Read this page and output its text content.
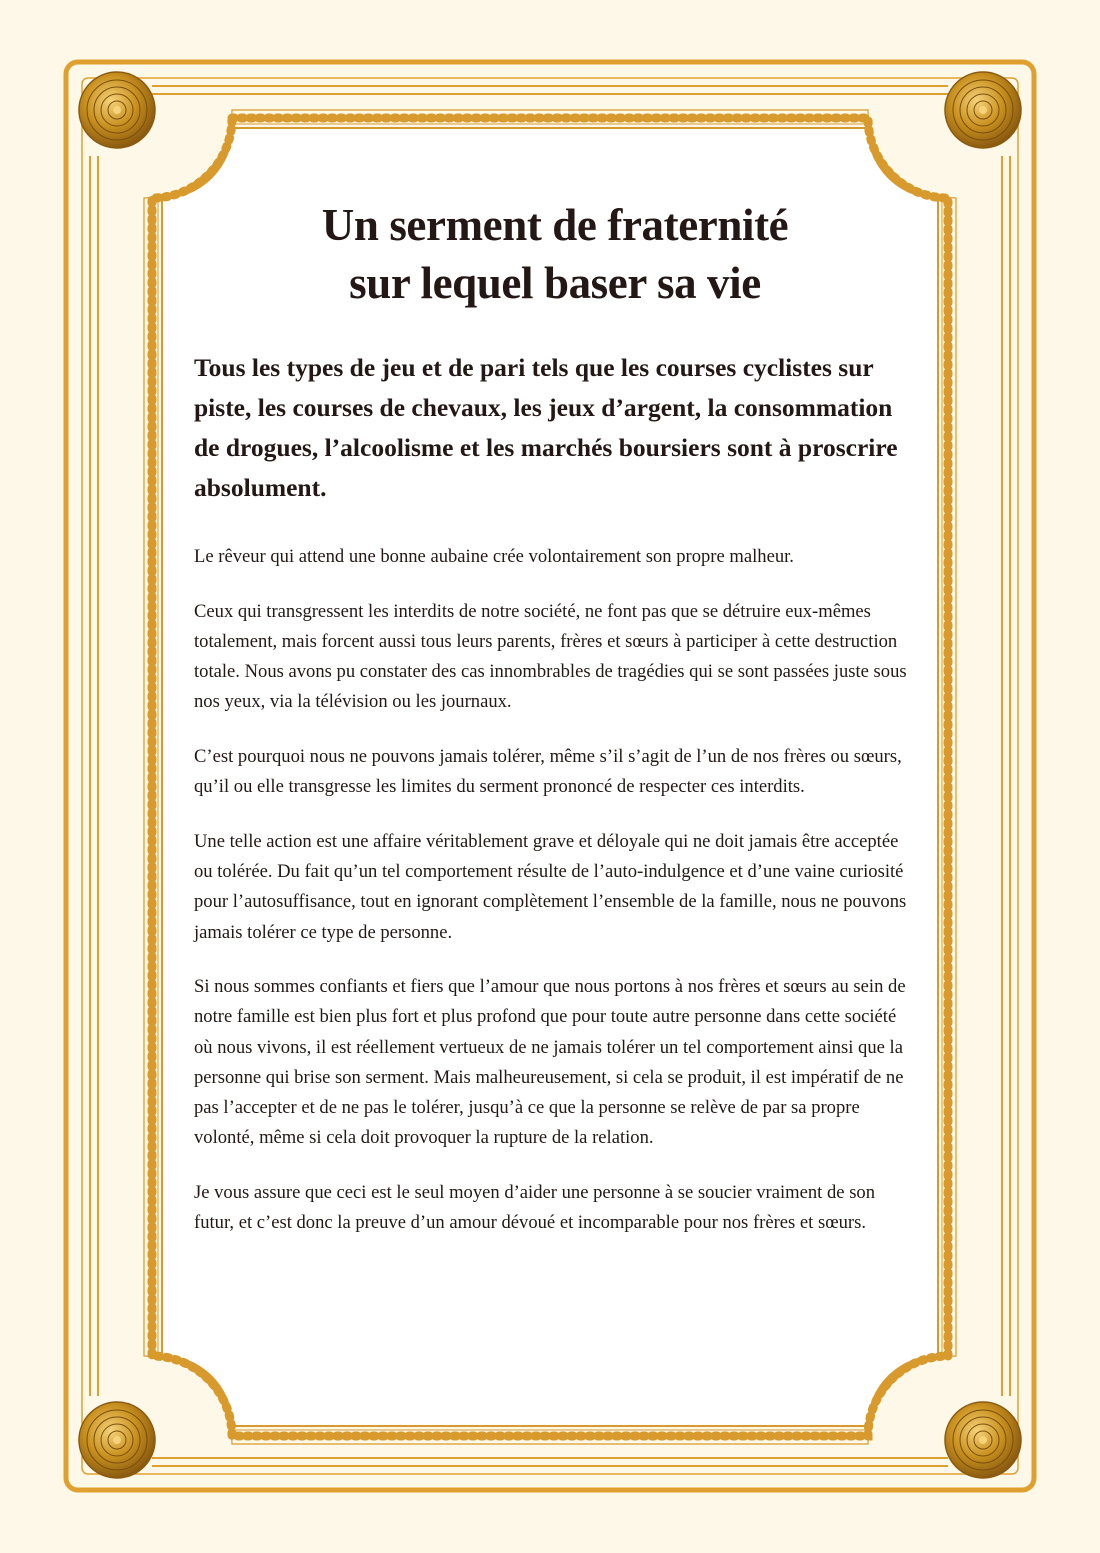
Un serment de fraternité
sur lequel baser sa vie

Tous les types de jeu et de pari tels que les courses cyclistes sur piste, les courses de chevaux, les jeux d’argent, la consommation de drogues, l’alcoolisme et les marchés boursiers sont à proscrire absolument.

Le rêveur qui attend une bonne aubaine crée volontairement son propre malheur.

Ceux qui transgressent les interdits de notre société, ne font pas que se détruire eux-mêmes totalement, mais forcent aussi tous leurs parents, frères et sœurs à participer à cette destruction totale. Nous avons pu constater des cas innombrables de tragédies qui se sont passées juste sous nos yeux, via la télévision ou les journaux.

C’est pourquoi nous ne pouvons jamais tolérer, même s’il s’agit de l’un de nos frères ou sœurs, qu’il ou elle transgresse les limites du serment prononcé de respecter ces interdits.

Une telle action est une affaire véritablement grave et déloyale qui ne doit jamais être acceptée ou tolérée. Du fait qu’un tel comportement résulte de l’auto-indulgence et d’une vaine curiosité pour l’autosuffisance, tout en ignorant complètement l’ensemble de la famille, nous ne pouvons jamais tolérer ce type de personne.

Si nous sommes confiants et fiers que l’amour que nous portons à nos frères et sœurs au sein de notre famille est bien plus fort et plus profond que pour toute autre personne dans cette société où nous vivons, il est réellement vertueux de ne jamais tolérer un tel comportement ainsi que la personne qui brise son serment. Mais malheureusement, si cela se produit, il est impératif de ne pas l’accepter et de ne pas le tolérer, jusqu’à ce que la personne se relève de par sa propre volonté, même si cela doit provoquer la rupture de la relation.

Je vous assure que ceci est le seul moyen d’aider une personne à se soucier vraiment de son futur, et c’est donc la preuve d’un amour dévoué et incomparable pour nos frères et sœurs.
